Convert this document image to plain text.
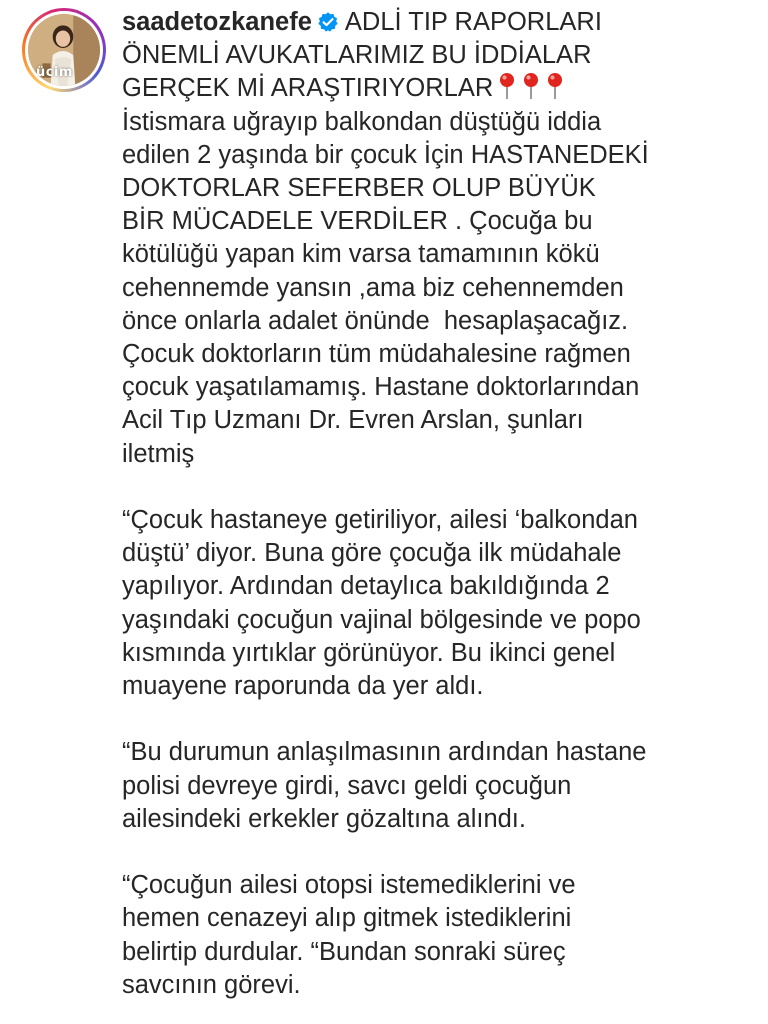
ücim
saadetozkanefe ADLİ TIP RAPORLARI
ÖNEMLİ AVUKATLARIMIZ BU İDDİALAR
GERÇEK Mİ ARAŞTIRIYORLAR
İstismara uğrayıp balkondan düştüğü iddia
edilen 2 yaşında bir çocuk İçin HASTANEDEKİ
DOKTORLAR SEFERBER OLUP BÜYÜK
BİR MÜCADELE VERDİLER . Çocuğa bu
kötülüğü yapan kim varsa tamamının kökü
cehennemde yansın ,ama biz cehennemden
önce onlarla adalet önünde  hesaplaşacağız.
Çocuk doktorların tüm müdahalesine rağmen
çocuk yaşatılamamış. Hastane doktorlarından
Acil Tıp Uzmanı Dr. Evren Arslan, şunları
iletmiş
“Çocuk hastaneye getiriliyor, ailesi ‘balkondan
düştü’ diyor. Buna göre çocuğa ilk müdahale
yapılıyor. Ardından detaylıca bakıldığında 2
yaşındaki çocuğun vajinal bölgesinde ve popo
kısmında yırtıklar görünüyor. Bu ikinci genel
muayene raporunda da yer aldı.
“Bu durumun anlaşılmasının ardından hastane
polisi devreye girdi, savcı geldi çocuğun
ailesindeki erkekler gözaltına alındı.
“Çocuğun ailesi otopsi istemediklerini ve
hemen cenazeyi alıp gitmek istediklerini
belirtip durdular. “Bundan sonraki süreç
savcının görevi.
